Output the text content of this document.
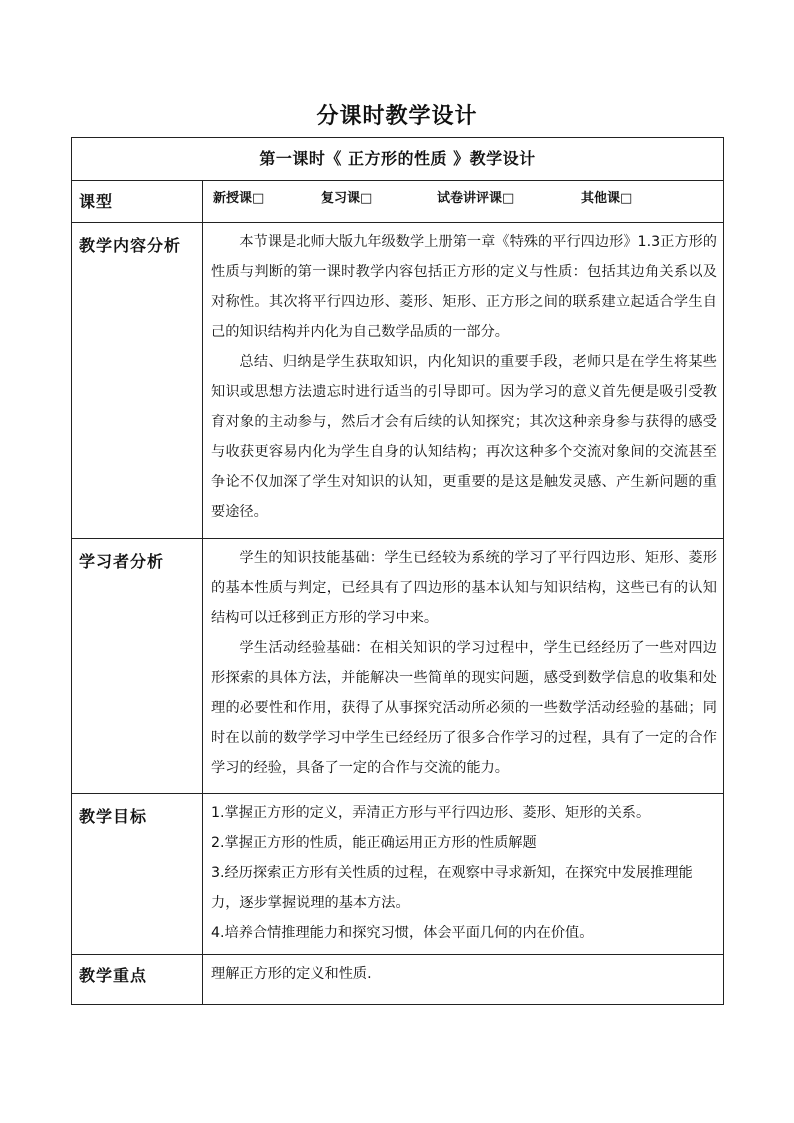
分课时教学设计
第一课时《 正方形的性质 》教学设计	
课型	新授课□ 复习课□ 试卷讲评课□ 其他课□

教学内容分析	本节课是北师大版九年级数学上册第一章《特殊的平行四边形》1.3正方形的性质与判断的第一课时教学内容包括正方形的定义与性质：包括其边角关系以及对称性。其次将平行四边形、菱形、矩形、正方形之间的联系建立起适合学生自己的知识结构并内化为自己数学品质的一部分。

总结、归纳是学生获取知识，内化知识的重要手段，老师只是在学生将某些知识或思想方法遗忘时进行适当的引导即可。因为学习的意义首先便是吸引受教育对象的主动参与，然后才会有后续的认知探究；其次这种亲身参与获得的感受与收获更容易内化为学生自身的认知结构；再次这种多个交流对象间的交流甚至争论不仅加深了学生对知识的认知，更重要的是这是触发灵感、产生新问题的重要途径。

学习者分析	学生的知识技能基础：学生已经较为系统的学习了平行四边形、矩形、菱形的基本性质与判定，已经具有了四边形的基本认知与知识结构，这些已有的认知结构可以迁移到正方形的学习中来。

学生活动经验基础：在相关知识的学习过程中，学生已经经历了一些对四边形探索的具体方法，并能解决一些简单的现实问题，感受到数学信息的收集和处理的必要性和作用，获得了从事探究活动所必须的一些数学活动经验的基础；同时在以前的数学学习中学生已经经历了很多合作学习的过程，具有了一定的合作学习的经验，具备了一定的合作与交流的能力。

教学目标	1.掌握正方形的定义，弄清正方形与平行四边形、菱形、矩形的关系。
2.掌握正方形的性质，能正确运用正方形的性质解题
3.经历探索正方形有关性质的过程，在观察中寻求新知，在探究中发展推理能力，逐步掌握说理的基本方法。
4.培养合情推理能力和探究习惯，体会平面几何的内在价值。

教学重点	理解正方形的定义和性质.
